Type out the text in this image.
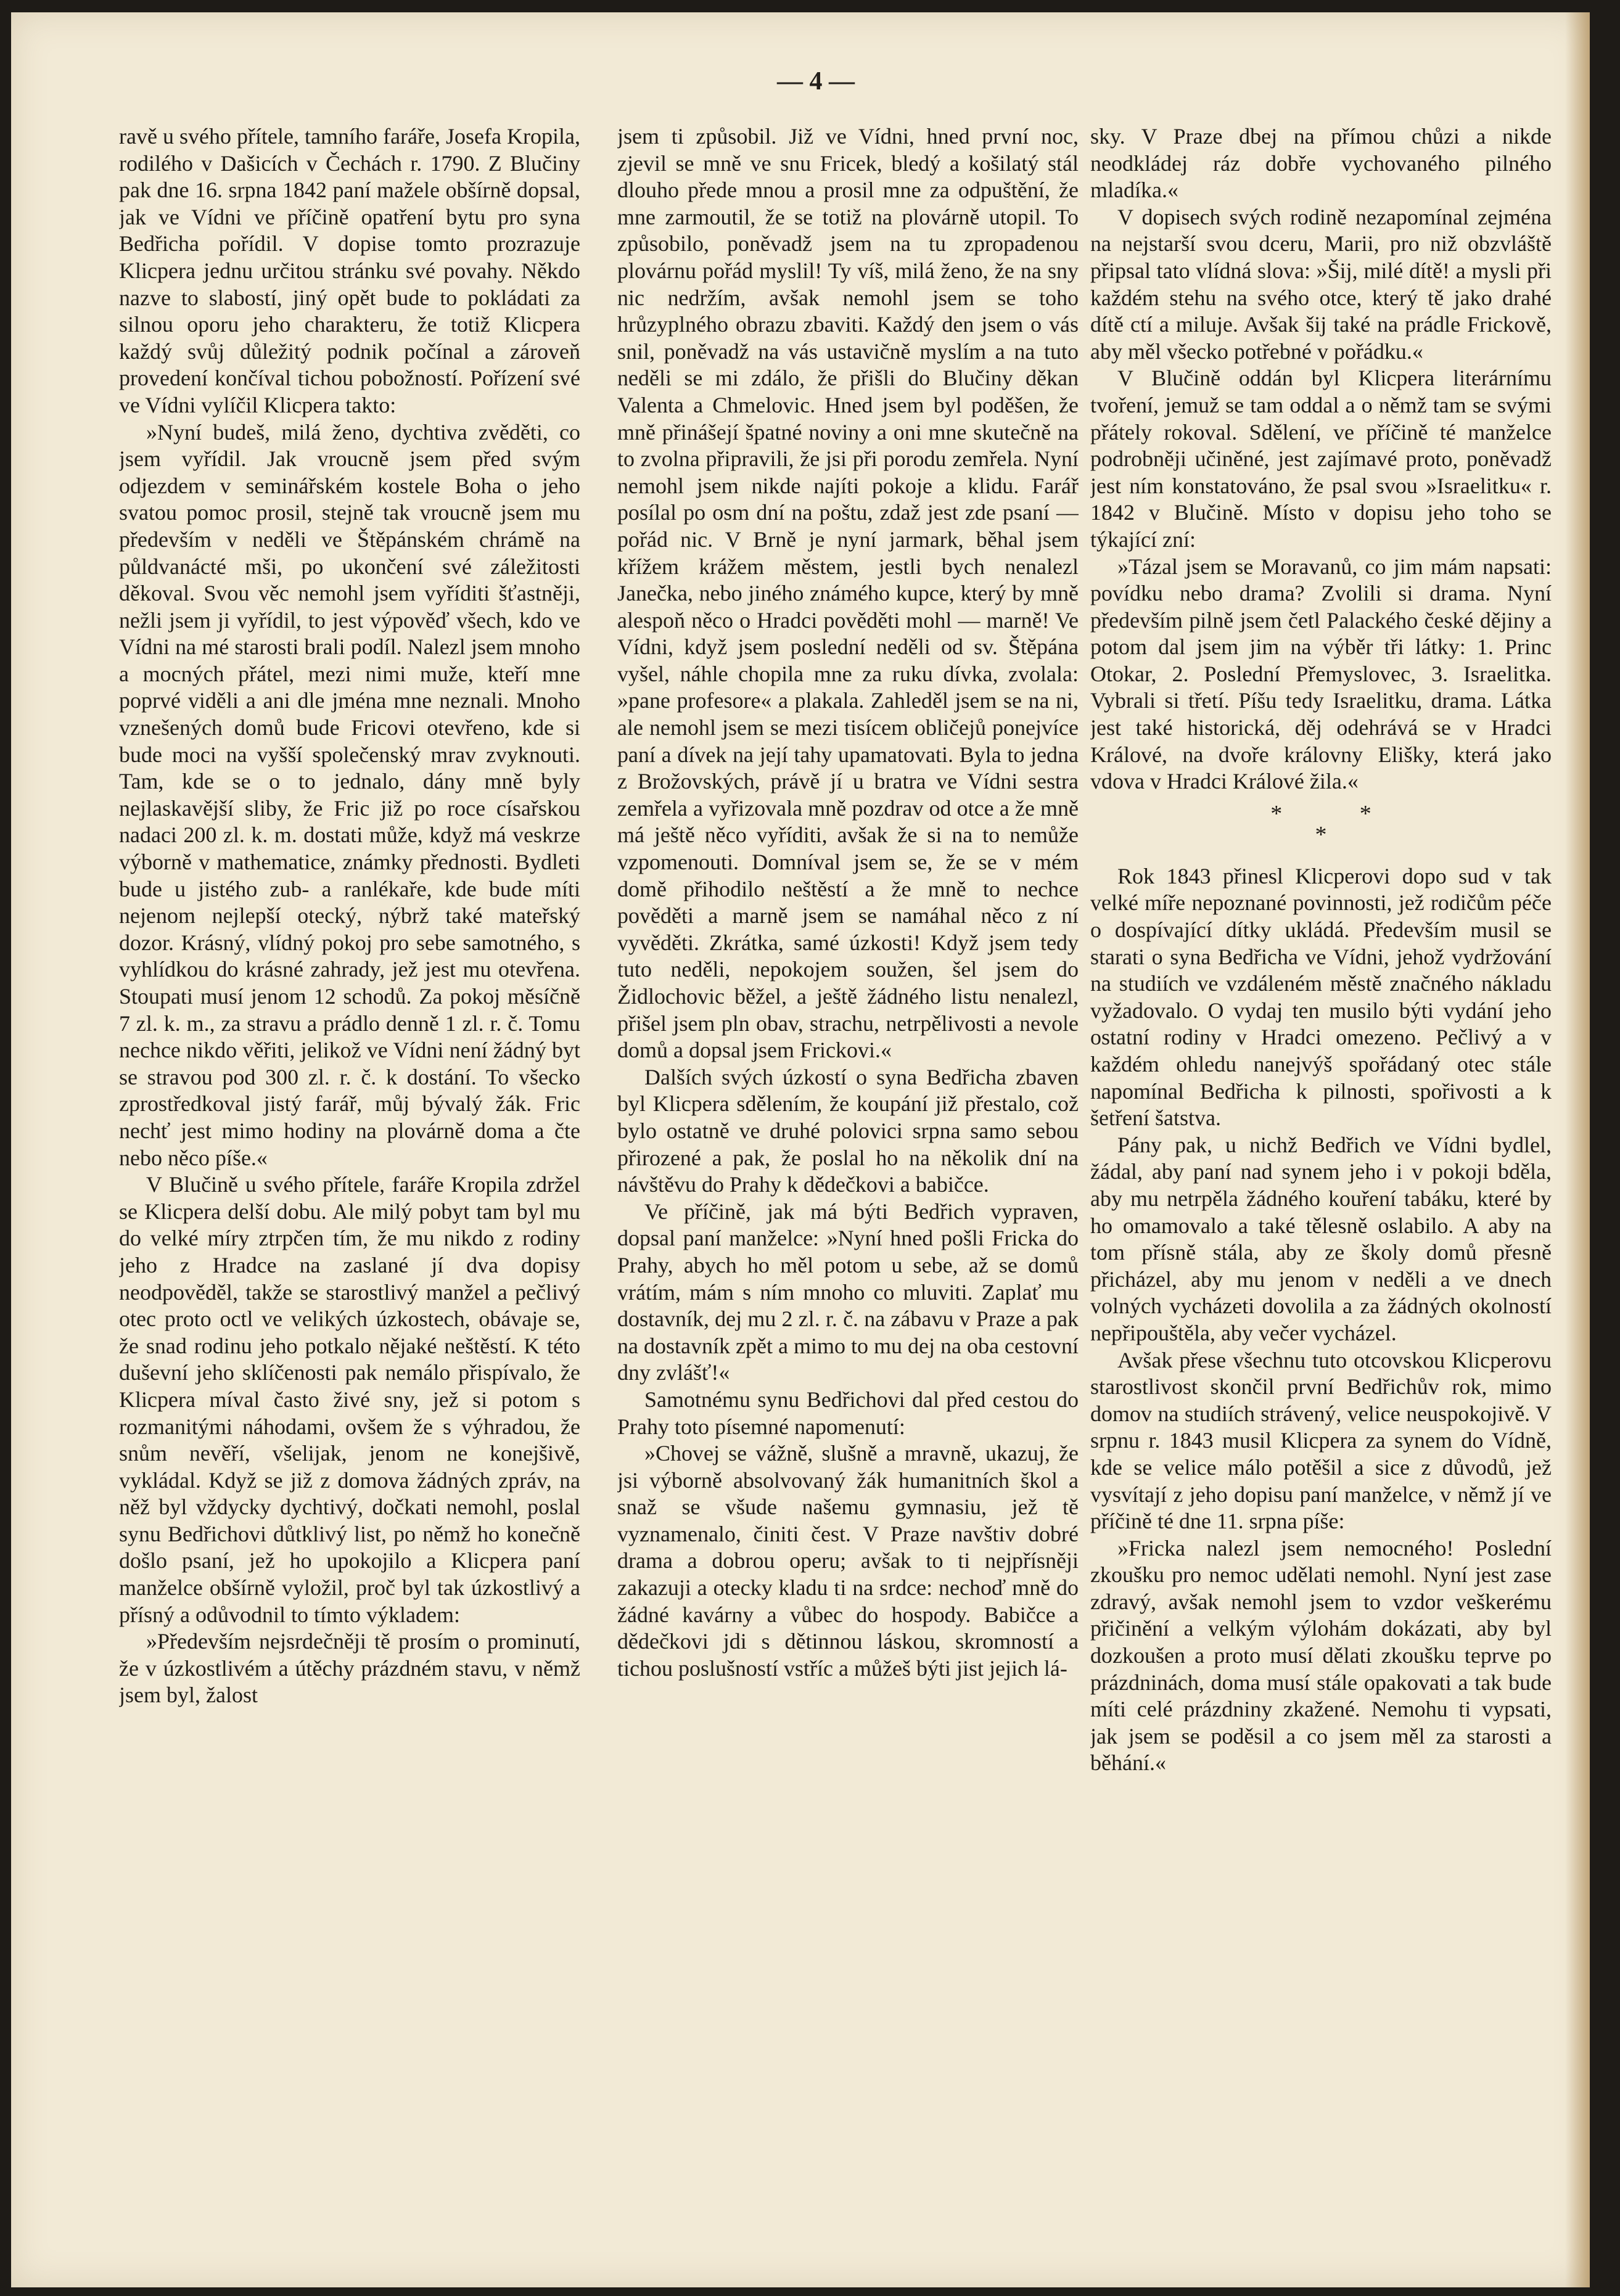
— 4 —

ravě u svého přítele, tamního faráře, Josefa Kropila, rodilého v Dašicích v Čechách r. 1790. Z Blučiny pak dne 16. srpna 1842 paní mažele obšírně dopsal, jak ve Vídni ve příčině opatření bytu pro syna Bedřicha pořídil. V dopise tomto prozrazuje Klicpera jednu určitou stránku své povahy. Někdo nazve to slabostí, jiný opět bude to pokládati za silnou oporu jeho charakteru, že totiž Klicpera každý svůj důležitý podnik počínal a zároveň provedení končíval tichou pobožností. Pořízení své ve Vídni vylíčil Klicpera takto:

»Nyní budeš, milá ženo, dychtiva zvěděti, co jsem vyřídil. Jak vroucně jsem před svým odjezdem v seminářském kostele Boha o jeho svatou pomoc prosil, stejně tak vroucně jsem mu především v neděli ve Štěpánském chrámě na půldvanácté mši, po ukončení své záležitosti děkoval. Svou věc nemohl jsem vyříditi šťastněji, nežli jsem ji vyřídil, to jest výpověď všech, kdo ve Vídni na mé starosti brali podíl. Nalezl jsem mnoho a mocných přátel, mezi nimi muže, kteří mne poprvé viděli a ani dle jména mne neznali. Mnoho vznešených domů bude Fricovi otevřeno, kde si bude moci na vyšší společenský mrav zvyknouti. Tam, kde se o to jednalo, dány mně byly nejlaskavější sliby, že Fric již po roce císařskou nadaci 200 zl. k. m. dostati může, když má veskrze výborně v mathematice, známky přednosti. Bydleti bude u jistého zub- a ranlékaře, kde bude míti nejenom nejlepší otecký, nýbrž také mateřský dozor. Krásný, vlídný pokoj pro sebe samotného, s vyhlídkou do krásné zahrady, jež jest mu otevřena. Stoupati musí jenom 12 schodů. Za pokoj měsíčně 7 zl. k. m., za stravu a prádlo denně 1 zl. r. č. Tomu nechce nikdo věřiti, jelikož ve Vídni není žádný byt se stravou pod 300 zl. r. č. k dostání. To všecko zprostředkoval jistý farář, můj bývalý žák. Fric nechť jest mimo hodiny na plovárně doma a čte nebo něco píše.«

V Blučině u svého přítele, faráře Kropila zdržel se Klicpera delší dobu. Ale milý pobyt tam byl mu do velké míry ztrpčen tím, že mu nikdo z rodiny jeho z Hradce na zaslané jí dva dopisy neodpověděl, takže se starostlivý manžel a pečlivý otec proto octl ve velikých úzkostech, obávaje se, že snad rodinu jeho potkalo nějaké neštěstí. K této duševní jeho sklíčenosti pak nemálo přispívalo, že Klicpera míval často živé sny, jež si potom s rozmanitými náhodami, ovšem že s výhradou, že snům nevěří, všelijak, jenom ne konejšivě, vykládal. Když se již z domova žádných zpráv, na něž byl vždycky dychtivý, dočkati nemohl, poslal synu Bedřichovi důtklivý list, po němž ho konečně došlo psaní, jež ho upokojilo a Klicpera paní manželce obšírně vyložil, proč byl tak úzkostlivý a přísný a odůvodnil to tímto výkladem:

»Především nejsrdečněji tě prosím o prominutí, že v úzkostlivém a útěchy prázdném stavu, v němž jsem byl, žalost

jsem ti způsobil. Již ve Vídni, hned první noc, zjevil se mně ve snu Fricek, bledý a košilatý stál dlouho přede mnou a prosil mne za odpuštění, že mne zarmoutil, že se totiž na plovárně utopil. To způsobilo, poněvadž jsem na tu zpropadenou plovárnu pořád myslil! Ty víš, milá ženo, že na sny nic nedržím, avšak nemohl jsem se toho hrůzyplného obrazu zbaviti. Každý den jsem o vás snil, poněvadž na vás ustavičně myslím a na tuto neděli se mi zdálo, že přišli do Blučiny děkan Valenta a Chmelovic. Hned jsem byl poděšen, že mně přinášejí špatné noviny a oni mne skutečně na to zvolna připravili, že jsi při porodu zemřela. Nyní nemohl jsem nikde najíti pokoje a klidu. Farář posílal po osm dní na poštu, zdaž jest zde psaní — pořád nic. V Brně je nyní jarmark, běhal jsem křížem krážem městem, jestli bych nenalezl Janečka, nebo jiného známého kupce, který by mně alespoň něco o Hradci pověděti mohl — marně! Ve Vídni, když jsem poslední neděli od sv. Štěpána vyšel, náhle chopila mne za ruku dívka, zvolala: »pane profesore« a plakala. Zahleděl jsem se na ni, ale nemohl jsem se mezi tisícem obličejů ponejvíce paní a dívek na její tahy upamatovati. Byla to jedna z Brožovských, právě jí u bratra ve Vídni sestra zemřela a vyřizovala mně pozdrav od otce a že mně má ještě něco vyříditi, avšak že si na to nemůže vzpomenouti. Domníval jsem se, že se v mém domě přihodilo neštěstí a že mně to nechce pověděti a marně jsem se namáhal něco z ní vyvěděti. Zkrátka, samé úzkosti! Když jsem tedy tuto neděli, nepokojem soužen, šel jsem do Židlochovic běžel, a ještě žádného listu nenalezl, přišel jsem pln obav, strachu, netrpělivosti a nevole domů a dopsal jsem Frickovi.«

Dalších svých úzkostí o syna Bedřicha zbaven byl Klicpera sdělením, že koupání již přestalo, což bylo ostatně ve druhé polovici srpna samo sebou přirozené a pak, že poslal ho na několik dní na návštěvu do Prahy k dědečkovi a babičce.

Ve příčině, jak má býti Bedřich vypraven, dopsal paní manželce: »Nyní hned pošli Fricka do Prahy, abych ho měl potom u sebe, až se domů vrátím, mám s ním mnoho co mluviti. Zaplať mu dostavník, dej mu 2 zl. r. č. na zábavu v Praze a pak na dostavník zpět a mimo to mu dej na oba cestovní dny zvlášť!«

Samotnému synu Bedřichovi dal před cestou do Prahy toto písemné napomenutí:

»Chovej se vážně, slušně a mravně, ukazuj, že jsi výborně absolvovaný žák humanitních škol a snaž se všude našemu gymnasiu, jež tě vyznamenalo, činiti čest. V Praze navštiv dobré drama a dobrou operu; avšak to ti nejpřísněji zakazuji a otecky kladu ti na srdce: nechoď mně do žádné kavárny a vůbec do hospody. Babičce a dědečkovi jdi s dětinnou láskou, skromností a tichou poslušností vstříc a můžeš býti jist jejich lá-

sky. V Praze dbej na přímou chůzi a nikde neodkládej ráz dobře vychovaného pilného mladíka.«

V dopisech svých rodině nezapomínal zejména na nejstarší svou dceru, Marii, pro niž obzvláště připsal tato vlídná slova: »Šij, milé dítě! a mysli při každém stehu na svého otce, který tě jako drahé dítě ctí a miluje. Avšak šij také na prádle Frickově, aby měl všecko potřebné v pořádku.«

V Blučině oddán byl Klicpera literárnímu tvoření, jemuž se tam oddal a o němž tam se svými přátely rokoval. Sdělení, ve příčině té manželce podrobněji učiněné, jest zajímavé proto, poněvadž jest ním konstatováno, že psal svou »Israelitku« r. 1842 v Blučině. Místo v dopisu jeho toho se týkající zní:

»Tázal jsem se Moravanů, co jim mám napsati: povídku nebo drama? Zvolili si drama. Nyní především pilně jsem četl Palackého české dějiny a potom dal jsem jim na výběr tři látky: 1. Princ Otokar, 2. Poslední Přemyslovec, 3. Israelitka. Vybrali si třetí. Píšu tedy Israelitku, drama. Látka jest také historická, děj odehrává se v Hradci Králové, na dvoře královny Elišky, která jako vdova v Hradci Králové žila.«

*	*
*

Rok 1843 přinesl Klicperovi dopo sud v tak velké míře nepoznané povinnosti, jež rodičům péče o dospívající dítky ukládá. Především musil se starati o syna Bedřicha ve Vídni, jehož vydržování na studiích ve vzdáleném městě značného nákladu vyžadovalo. O vydaj ten musilo býti vydání jeho ostatní rodiny v Hradci omezeno. Pečlivý a v každém ohledu nanejvýš spořádaný otec stále napomínal Bedřicha k pilnosti, spořivosti a k šetření šatstva.

Pány pak, u nichž Bedřich ve Vídni bydlel, žádal, aby paní nad synem jeho i v pokoji bděla, aby mu netrpěla žádného kouření tabáku, které by ho omamovalo a také tělesně oslabilo. A aby na tom přísně stála, aby ze školy domů přesně přicházel, aby mu jenom v neděli a ve dnech volných vycházeti dovolila a za žádných okolností nepřipouštěla, aby večer vycházel.

Avšak přese všechnu tuto otcovskou Klicperovu starostlivost skončil první Bedřichův rok, mimo domov na studiích strávený, velice neuspokojivě. V srpnu r. 1843 musil Klicpera za synem do Vídně, kde se velice málo potěšil a sice z důvodů, jež vysvítají z jeho dopisu paní manželce, v němž jí ve příčině té dne 11. srpna píše:

»Fricka nalezl jsem nemocného! Poslední zkoušku pro nemoc udělati nemohl. Nyní jest zase zdravý, avšak nemohl jsem to vzdor veškerému přičinění a velkým výlohám dokázati, aby byl dozkoušen a proto musí dělati zkoušku teprve po prázdninách, doma musí stále opakovati a tak bude míti celé prázdniny zkažené. Nemohu ti vypsati, jak jsem se poděsil a co jsem měl za starosti a běhání.«
